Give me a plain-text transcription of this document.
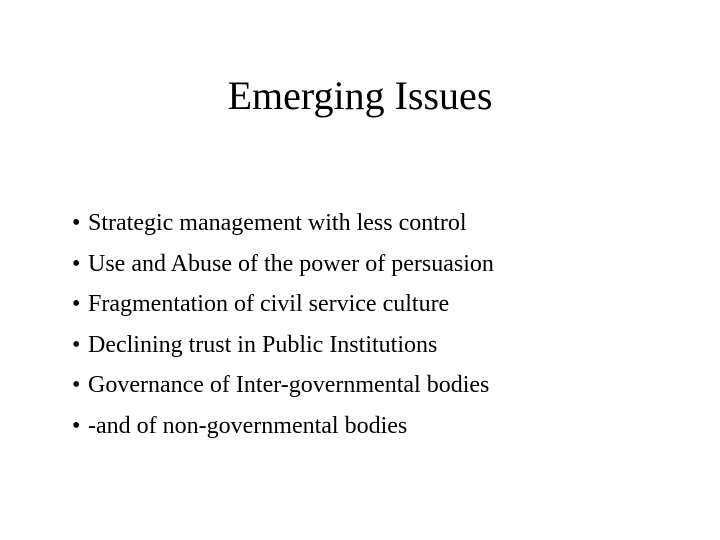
Emerging Issues
• Strategic management with less control
• Use and Abuse of the power of persuasion
• Fragmentation of civil service culture
• Declining trust in Public Institutions
• Governance of Inter-governmental bodies
• -and of non-governmental bodies
